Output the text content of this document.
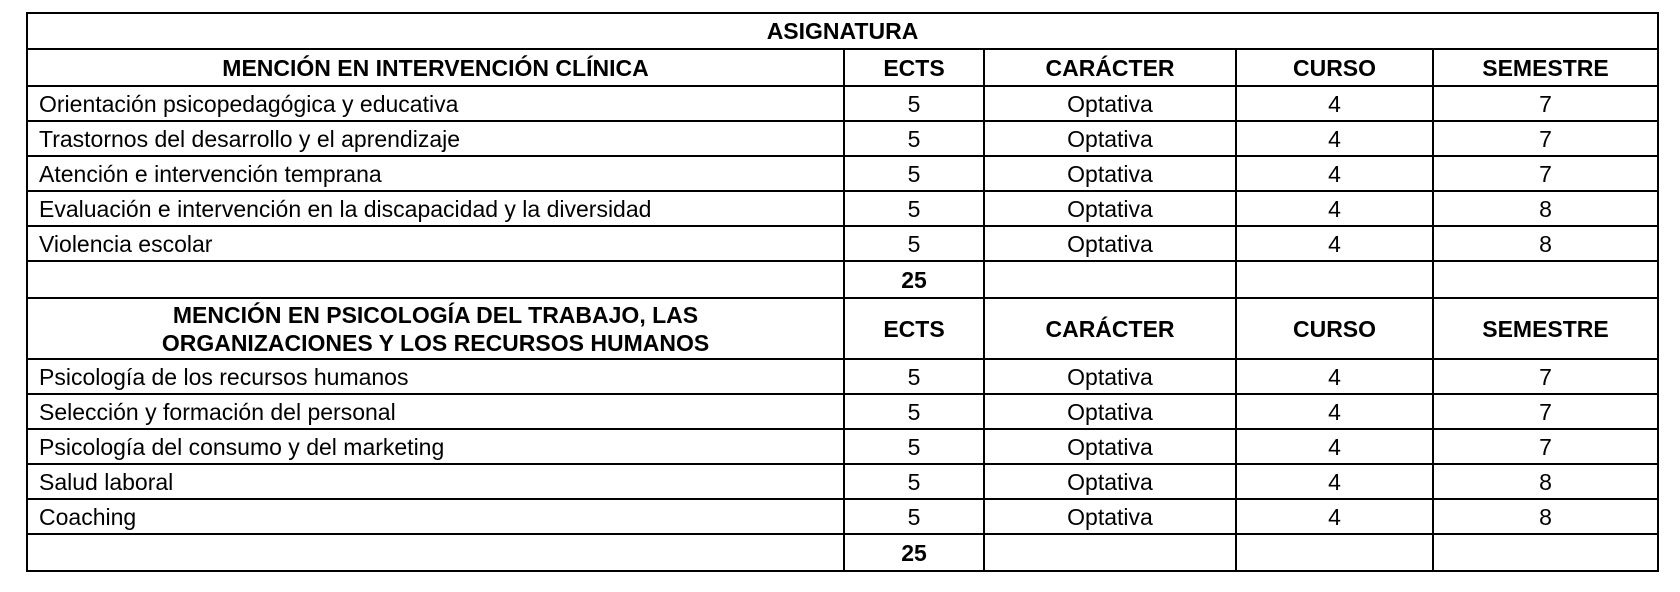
ASIGNATURA				

MENCIÓN EN INTERVENCIÓN CLÍNICA	ECTS	CARÁCTER	CURSO	SEMESTRE
Orientación psicopedagógica y educativa	5	Optativa	4	7
Trastornos del desarrollo y el aprendizaje	5	Optativa	4	7
Atención e intervención temprana	5	Optativa	4	7
Evaluación e intervención en la discapacidad y la diversidad	5	Optativa	4	8
Violencia escolar	5	Optativa	4	8
	25			

MENCIÓN EN PSICOLOGÍA DEL TRABAJO, LAS
ORGANIZACIONES Y LOS RECURSOS HUMANOS	ECTS	CARÁCTER	CURSO	SEMESTRE
Psicología de los recursos humanos	5	Optativa	4	7
Selección y formación del personal	5	Optativa	4	7
Psicología del consumo y del marketing	5	Optativa	4	7
Salud laboral	5	Optativa	4	8
Coaching	5	Optativa	4	8
	25			
